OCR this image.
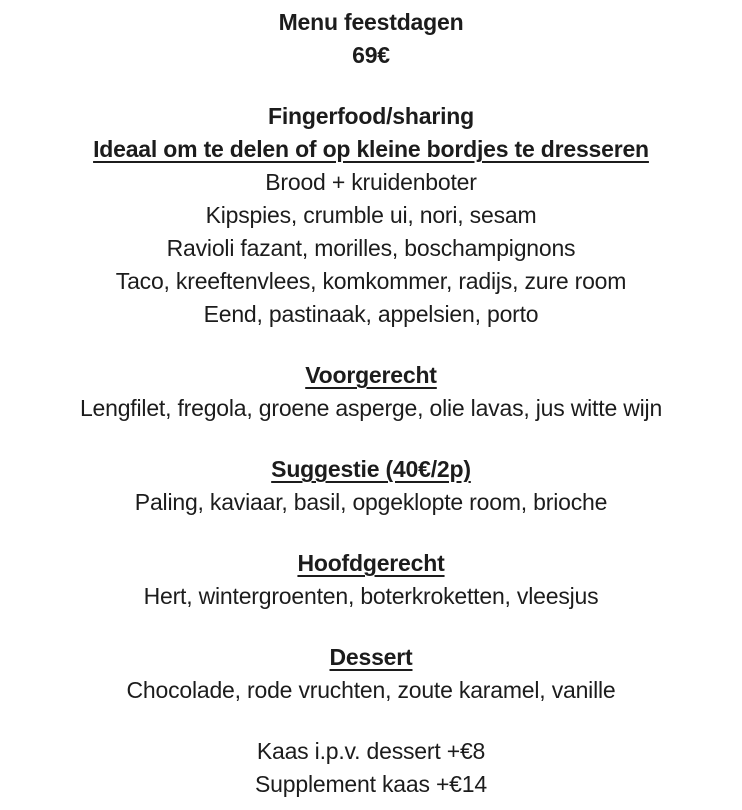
Menu feestdagen
69€
Fingerfood/sharing
Ideaal om te delen of op kleine bordjes te dresseren
Brood + kruidenboter
Kipspies, crumble ui, nori, sesam
Ravioli fazant, morilles, boschampignons
Taco, kreeftenvlees, komkommer, radijs, zure room
Eend, pastinaak, appelsien, porto
Voorgerecht
Lengfilet, fregola, groene asperge, olie lavas, jus witte wijn
Suggestie (40€/2p)
Paling, kaviaar, basil, opgeklopte room, brioche
Hoofdgerecht
Hert, wintergroenten, boterkroketten, vleesjus
Dessert
Chocolade, rode vruchten, zoute karamel, vanille
Kaas i.p.v. dessert +€8
Supplement kaas +€14
